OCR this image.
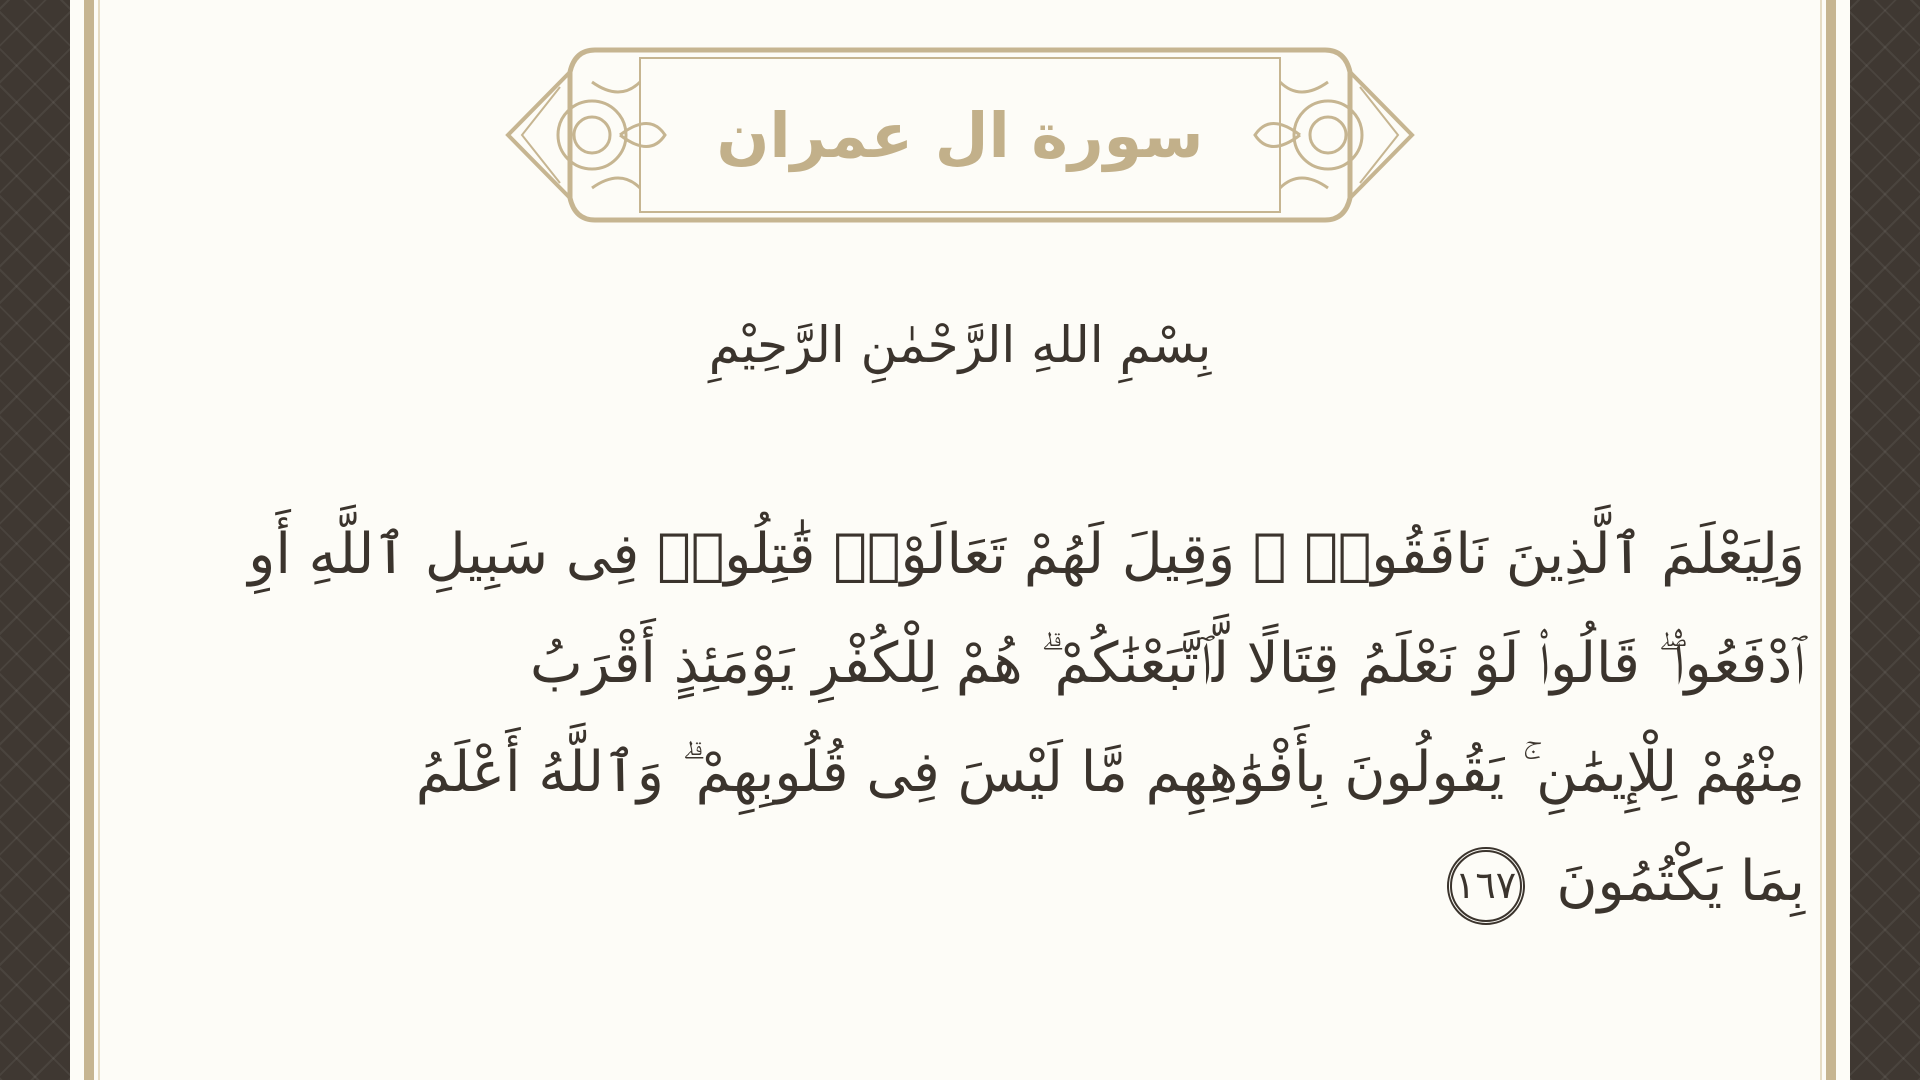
سورة ال عمران
بِسْمِ اللهِ الرَّحْمٰنِ الرَّحِيْمِ
وَلِيَعْلَمَ ٱلَّذِينَ نَافَقُوا۟ ۚ وَقِيلَ لَهُمْ تَعَالَوْا۟ قَٰتِلُوا۟ فِى سَبِيلِ ٱللَّهِ أَوِ
ٱدْفَعُوا۟ ۖ قَالُوا۟ لَوْ نَعْلَمُ قِتَالًا لَّٱتَّبَعْنَٰكُمْ ۗ هُمْ لِلْكُفْرِ يَوْمَئِذٍ أَقْرَبُ
مِنْهُمْ لِلْإِيمَٰنِ ۚ يَقُولُونَ بِأَفْوَٰهِهِم مَّا لَيْسَ فِى قُلُوبِهِمْ ۗ وَٱللَّهُ أَعْلَمُ
بِمَا يَكْتُمُونَ ١٦٧
